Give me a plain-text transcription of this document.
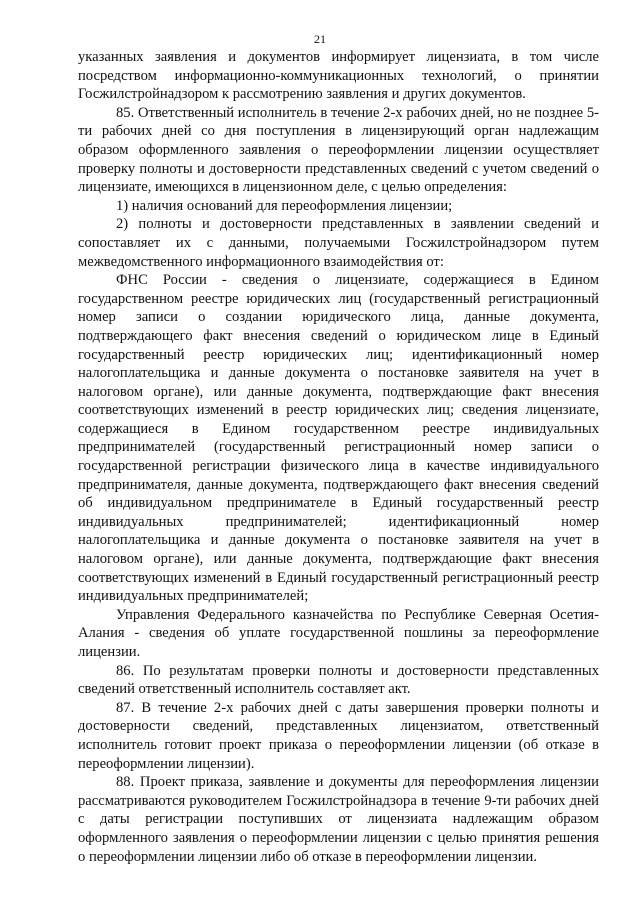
21

указанных заявления и документов информирует лицензиата, в том числе посредством информационно-коммуникационных технологий, о принятии Госжилстройнадзором к рассмотрению заявления и других документов.

85. Ответственный исполнитель в течение 2-х рабочих дней, но не позднее 5-ти рабочих дней со дня поступления в лицензирующий орган надлежащим образом оформленного заявления о переоформлении лицензии осуществляет проверку полноты и достоверности представленных сведений с учетом сведений о лицензиате, имеющихся в лицензионном деле, с целью определения:

1) наличия оснований для переоформления лицензии;

2) полноты и достоверности представленных в заявлении сведений и сопоставляет их с данными, получаемыми Госжилстройнадзором путем межведомственного информационного взаимодействия от:

ФНС России - сведения о лицензиате, содержащиеся в Едином государственном реестре юридических лиц (государственный регистрационный номер записи о создании юридического лица, данные документа, подтверждающего факт внесения сведений о юридическом лице в Единый государственный реестр юридических лиц; идентификационный номер налогоплательщика и данные документа о постановке заявителя на учет в налоговом органе), или данные документа, подтверждающие факт внесения соответствующих изменений в реестр юридических лиц; сведения лицензиате, содержащиеся в Едином государственном реестре индивидуальных предпринимателей (государственный регистрационный номер записи о государственной регистрации физического лица в качестве индивидуального предпринимателя, данные документа, подтверждающего факт внесения сведений об индивидуальном предпринимателе в Единый государственный реестр индивидуальных предпринимателей; идентификационный номер налогоплательщика и данные документа о постановке заявителя на учет в налоговом органе), или данные документа, подтверждающие факт внесения соответствующих изменений в Единый государственный регистрационный реестр индивидуальных предпринимателей;

Управления Федерального казначейства по Республике Северная Осетия-Алания - сведения об уплате государственной пошлины за переоформление лицензии.

86. По результатам проверки полноты и достоверности представленных сведений ответственный исполнитель составляет акт.

87. В течение 2-х рабочих дней с даты завершения проверки полноты и достоверности сведений, представленных лицензиатом, ответственный исполнитель готовит проект приказа о переоформлении лицензии (об отказе в переоформлении лицензии).

88. Проект приказа, заявление и документы для переоформления лицензии рассматриваются руководителем Госжилстройнадзора в течение 9-ти рабочих дней с даты регистрации поступивших от лицензиата надлежащим образом оформленного заявления о переоформлении лицензии с целью принятия решения о переоформлении лицензии либо об отказе в переоформлении лицензии.
